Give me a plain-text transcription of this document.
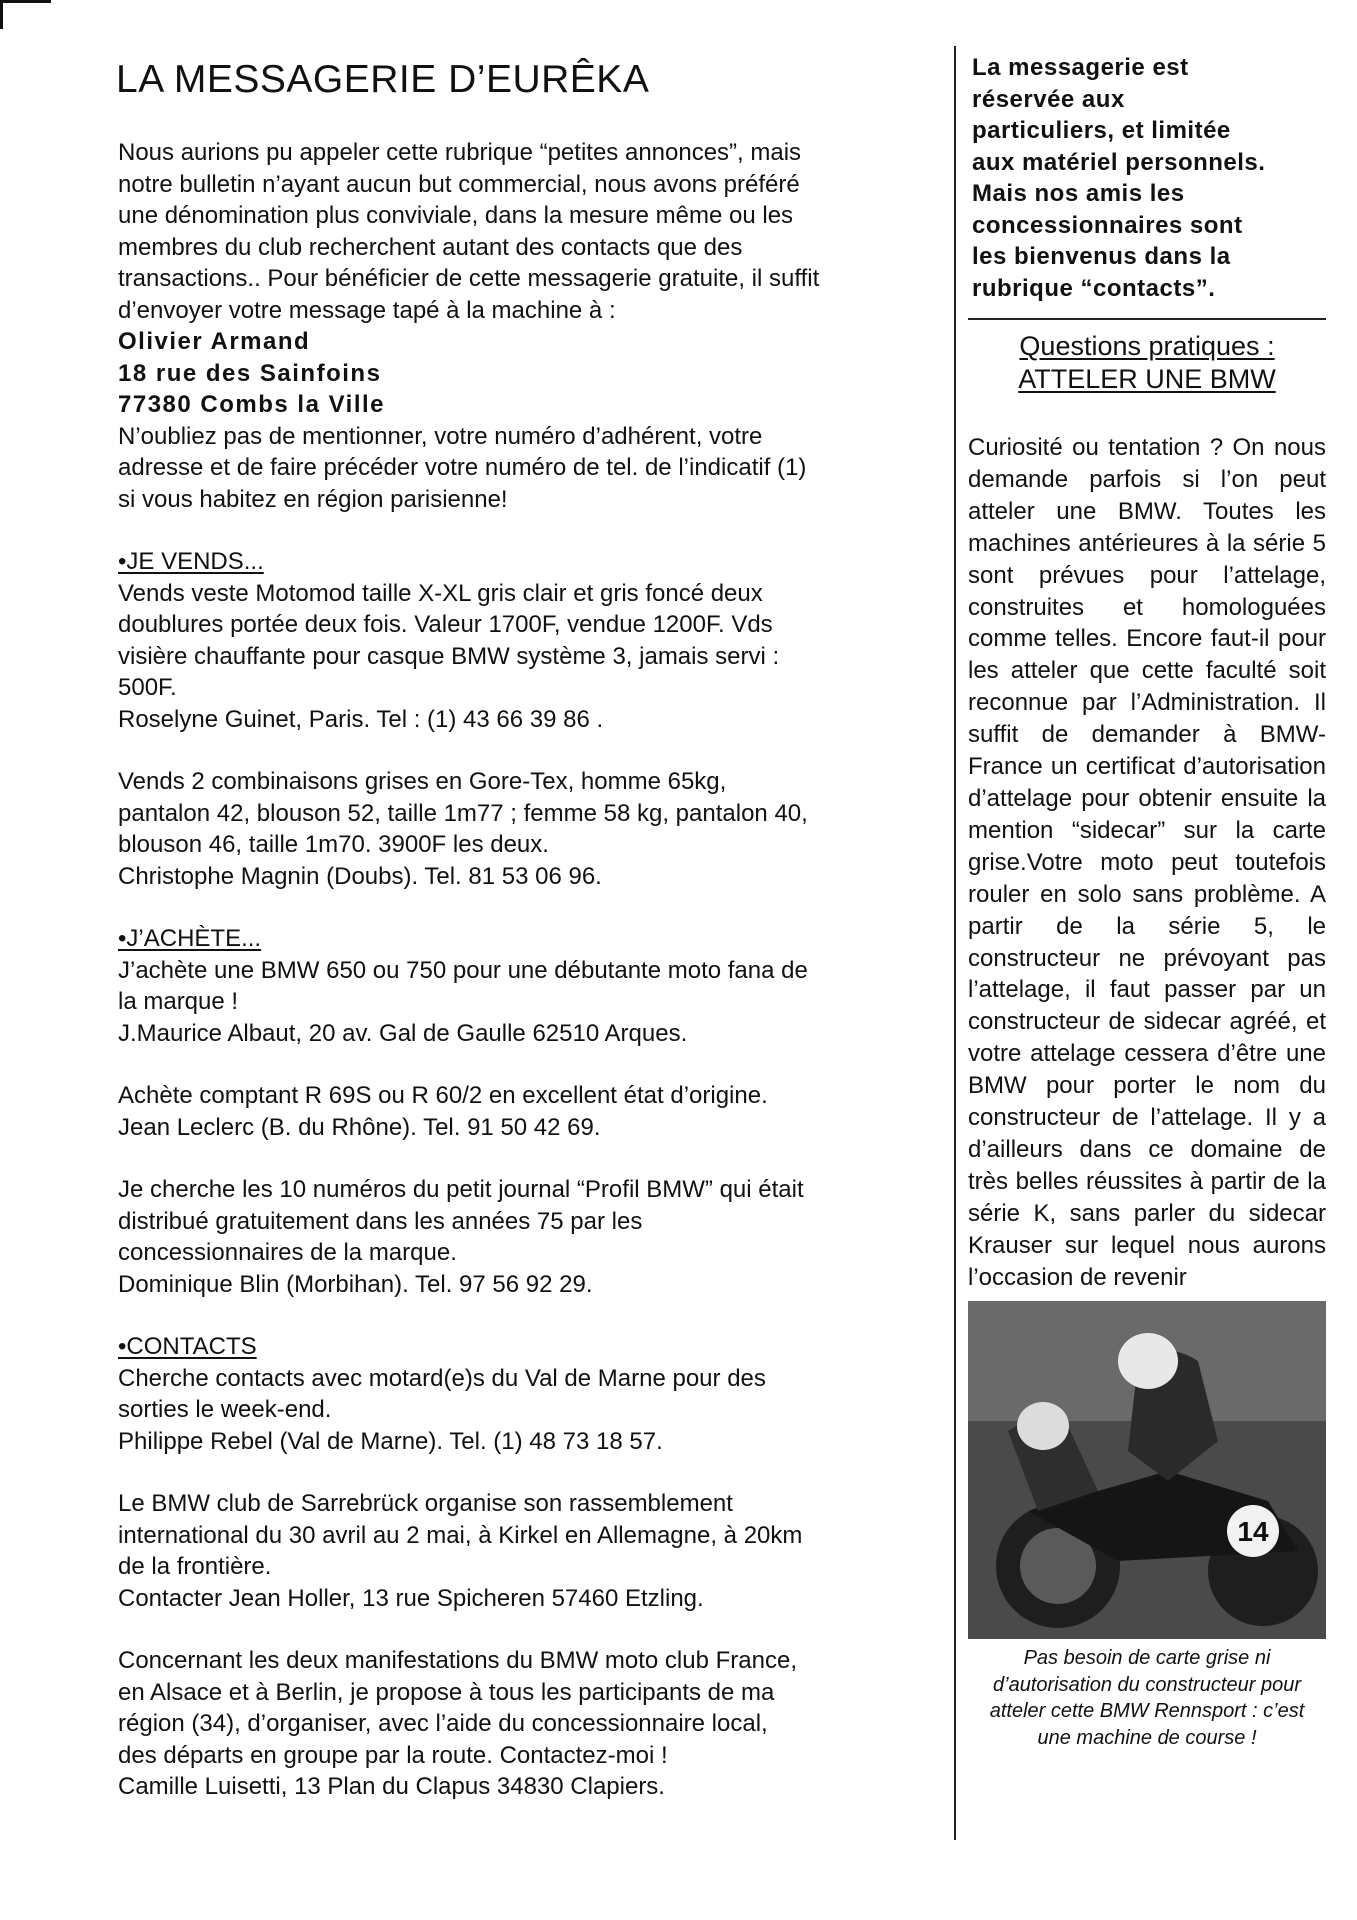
LA MESSAGERIE D’EURÊKA

Nous aurions pu appeler cette rubrique “petites annonces”, mais

notre bulletin n’ayant aucun but commercial, nous avons préféré

une dénomination plus conviviale, dans la mesure même ou les

membres du club recherchent autant des contacts que des

transactions.. Pour bénéficier de cette messagerie gratuite, il suffit

d’envoyer votre message tapé à la machine à :

Olivier Armand

18 rue des Sainfoins

77380 Combs la Ville

N’oubliez pas de mentionner, votre numéro d’adhérent, votre

adresse et de faire précéder votre numéro de tel. de l’indicatif (1)

si vous habitez en région parisienne!

•JE VENDS...

Vends veste Motomod taille X-XL gris clair et gris foncé deux

doublures portée deux fois. Valeur 1700F, vendue 1200F. Vds

visière chauffante pour casque BMW système 3, jamais servi :

500F.

Roselyne Guinet, Paris. Tel : (1) 43 66 39 86 .

Vends 2 combinaisons grises en Gore-Tex, homme 65kg,

pantalon 42, blouson 52, taille 1m77 ; femme 58 kg, pantalon 40,

blouson 46, taille 1m70. 3900F les deux.

Christophe Magnin (Doubs). Tel. 81 53 06 96.

•J’ACHÈTE...

J’achète une BMW 650 ou 750 pour une débutante moto fana de

la marque !

J.Maurice Albaut, 20 av. Gal de Gaulle 62510 Arques.

Achète comptant R 69S ou R 60/2 en excellent état d’origine.

Jean Leclerc (B. du Rhône). Tel. 91 50 42 69.

Je cherche les 10 numéros du petit journal “Profil BMW” qui était

distribué gratuitement dans les années 75 par les

concessionnaires de la marque.

Dominique Blin (Morbihan). Tel. 97 56 92 29.

•CONTACTS

Cherche contacts avec motard(e)s du Val de Marne pour des

sorties le week-end.

Philippe Rebel (Val de Marne). Tel. (1) 48 73 18 57.

Le BMW club de Sarrebrück organise son rassemblement

international du 30 avril au 2 mai, à Kirkel en Allemagne, à 20km

de la frontière.

Contacter Jean Holler, 13 rue Spicheren 57460 Etzling.

Concernant les deux manifestations du BMW moto club France,

en Alsace et à Berlin, je propose à tous les participants de ma

région (34), d’organiser, avec l’aide du concessionnaire local,

des départs en groupe par la route. Contactez-moi !

Camille Luisetti, 13 Plan du Clapus 34830 Clapiers.

La messagerie est

réservée aux

particuliers, et limitée

aux matériel personnels.

Mais nos amis les

concessionnaires sont

les bienvenus dans la

rubrique “contacts”.

Questions pratiques :
ATTELER UNE BMW

Curiosité ou tentation ? On nous demande parfois si l’on peut atteler une BMW. Toutes les machines antérieures à la série 5 sont prévues pour l’attelage, construites et homologuées comme telles. Encore faut-il pour les atteler que cette faculté soit reconnue par l’Administration. Il suffit de demander à BMW-France un certificat d’autorisation d’attelage pour obtenir ensuite la mention “sidecar” sur la carte grise.Votre moto peut toutefois rouler en solo sans problème. A partir de la série 5, le constructeur ne prévoyant pas l’attelage, il faut passer par un constructeur de sidecar agréé, et votre attelage cessera d’être une BMW pour porter le nom du constructeur de l’attelage. Il y a d’ailleurs dans ce domaine de très belles réussites à partir de la série K, sans parler du sidecar Krauser sur lequel nous aurons l’occasion de revenir

14
Pas besoin de carte grise ni
d’autorisation du constructeur pour
atteler cette BMW Rennsport : c’est
une machine de course !
